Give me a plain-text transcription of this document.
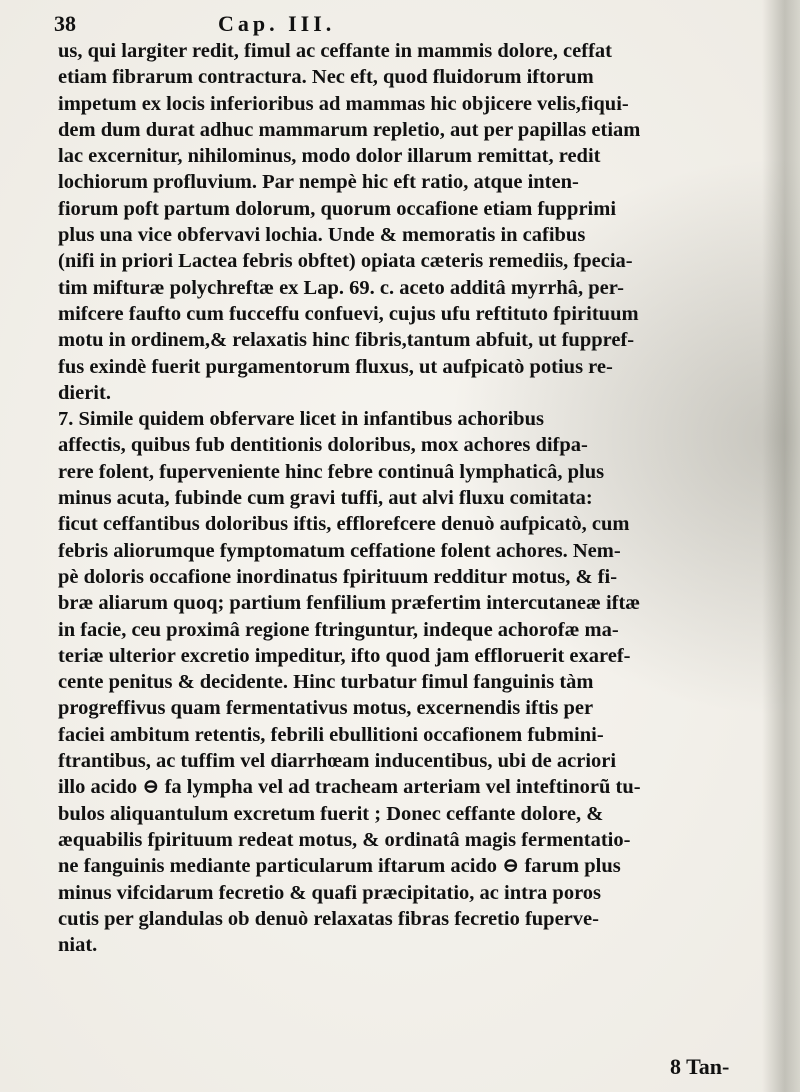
38	Cap. III.
us, qui largiter redit, fimul ac ceffante in mammis dolore, ceffat
etiam fibrarum contractura. Nec eft, quod fluidorum iftorum
impetum ex locis inferioribus ad mammas hic objicere velis,fiqui-
dem dum durat adhuc mammarum repletio, aut per papillas etiam
lac excernitur, nihilominus, modo dolor illarum remittat, redit
lochiorum profluvium. Par nempè hic eft ratio, atque inten-
fiorum poft partum dolorum, quorum occafione etiam fupprimi
plus una vice obfervavi lochia. Unde & memoratis in cafibus
(nifi in priori Lactea febris obftet) opiata cæteris remediis, fpecia-
tim mifturæ polychreftæ ex Lap. 69. c. aceto additâ myrrhâ, per-
mifcere faufto cum fucceffu confuevi, cujus ufu reftituto fpirituum
motu in ordinem,& relaxatis hinc fibris,tantum abfuit, ut fuppref-
fus exindè fuerit purgamentorum fluxus, ut aufpicatò potius re-
dierit.
7. Simile quidem obfervare licet in infantibus achoribus
affectis, quibus fub dentitionis doloribus, mox achores difpa-
rere folent, fuperveniente hinc febre continuâ lymphaticâ, plus
minus acuta, fubinde cum gravi tuffi, aut alvi fluxu comitata:
ficut ceffantibus doloribus iftis, efflorefcere denuò aufpicatò, cum
febris aliorumque fymptomatum ceffatione folent achores. Nem-
pè doloris occafione inordinatus fpirituum redditur motus, & fi-
bræ aliarum quoq; partium fenfilium præfertim intercutaneæ iftæ
in facie, ceu proximâ regione ftringuntur, indeque achorofæ ma-
teriæ ulterior excretio impeditur, ifto quod jam effloruerit exaref-
cente penitus & decidente. Hinc turbatur fimul fanguinis tàm
progreffivus quam fermentativus motus, excernendis iftis per
faciei ambitum retentis, febrili ebullitioni occafionem fubmini-
ftrantibus, ac tuffim vel diarrhœam inducentibus, ubi de acriori
illo acido ⊖ fa lympha vel ad tracheam arteriam vel inteftinorũ tu-
bulos aliquantulum excretum fuerit ; Donec ceffante dolore, &
æquabilis fpirituum redeat motus, & ordinatâ magis fermentatio-
ne fanguinis mediante particularum iftarum acido ⊖ farum plus
minus vifcidarum fecretio & quafi præcipitatio, ac intra poros
cutis per glandulas ob denuò relaxatas fibras fecretio fuperve-
niat.
8 Tan-
